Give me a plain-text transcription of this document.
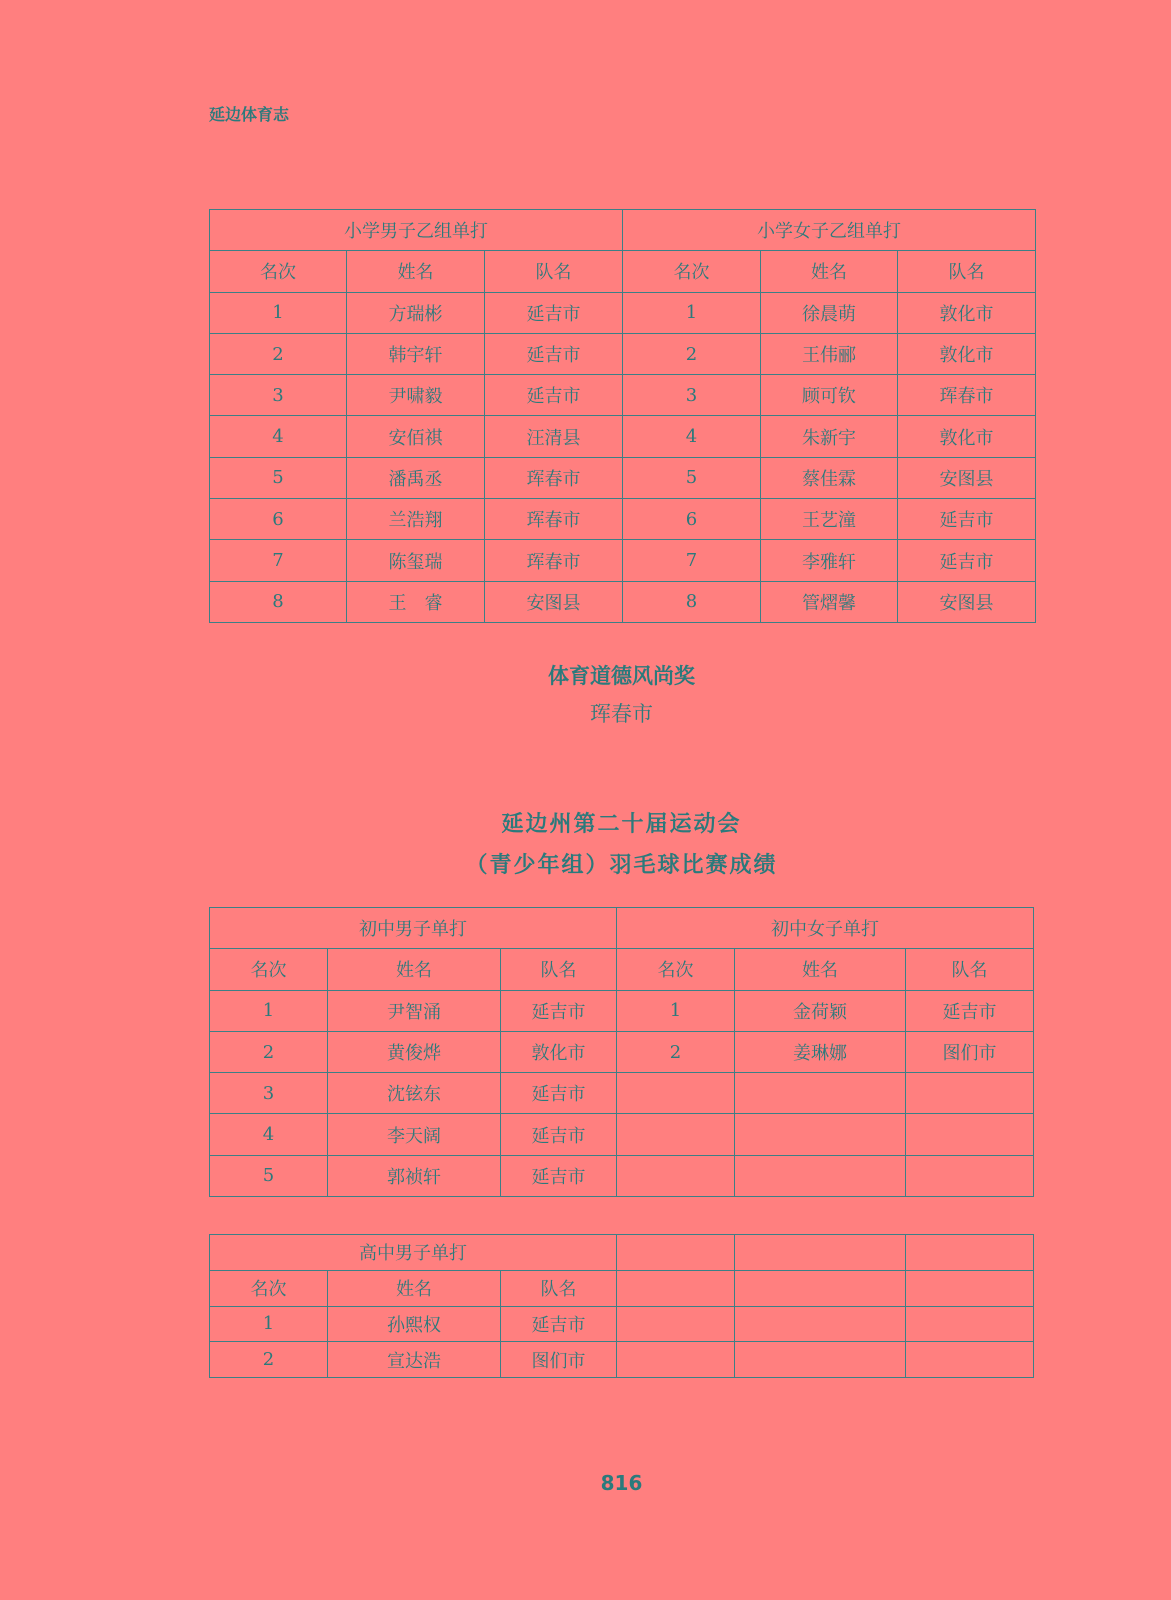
延边体育志
小学男子乙组单打			小学女子乙组单打		
名次	姓名	队名	名次	姓名	队名
1	方瑞彬	延吉市	1	徐晨萌	敦化市
2	韩宇轩	延吉市	2	王伟郦	敦化市
3	尹啸毅	延吉市	3	顾可钦	珲春市
4	安佰祺	汪清县	4	朱新宇	敦化市
5	潘禹丞	珲春市	5	蔡佳霖	安图县
6	兰浩翔	珲春市	6	王艺潼	延吉市
7	陈玺瑞	珲春市	7	李雅轩	延吉市
8	王　睿	安图县	8	管熠馨	安图县
体育道德风尚奖
珲春市
延边州第二十届运动会
（青少年组）羽毛球比赛成绩
初中男子单打			初中女子单打		
名次	姓名	队名	名次	姓名	队名
1	尹智涌	延吉市	1	金荷颖	延吉市
2	黄俊烨	敦化市	2	姜琳娜	图们市
3	沈铉东	延吉市			
4	李天阔	延吉市			
5	郭祯轩	延吉市			
高中男子单打					
名次	姓名	队名			
1	孙熙权	延吉市			
2	宣达浩	图们市			
816
